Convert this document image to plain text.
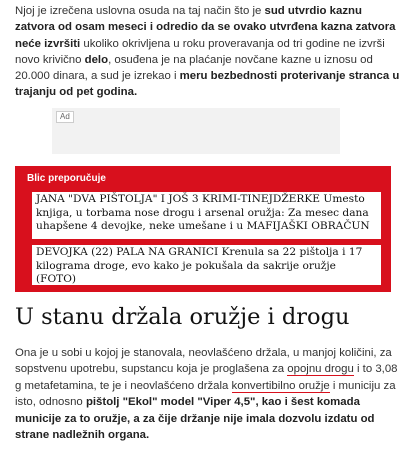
Njoj je izrečena uslovna osuda na taj način što je sud utvrdio kaznu zatvora od osam meseci i odredio da se ovako utvrđena kazna zatvora neće izvršiti ukoliko okrivljena u roku proveravanja od tri godine ne izvrši novo krivično delo, osuđena je na plaćanje novčane kazne u iznosu od 20.000 dinara, a sud je izrekao i meru bezbednosti proterivanje stranca u trajanju od pet godina.

Ad
Blic preporučuje
JANA "DVA PIŠTOLJA" I JOŠ 3 KRIMI-TINEJDŽERKE Umesto knjiga, u torbama nose drogu i arsenal oružja: Za mesec dana uhapšene 4 devojke, neke umešane i u MAFIJAŠKI OBRAČUN
DEVOJKA (22) PALA NA GRANICI Krenula sa 22 pištolja i 17 kilograma droge, evo kako je pokušala da sakrije oružje (FOTO)
U stanu držala oružje i drogu

Ona je u sobi u kojoj je stanovala, neovlašćeno držala, u manjoj količini, za sopstvenu upotrebu, supstancu koja je proglašena za opojnu drogu i to 3,08 g metafetamina, te je i neovlašćeno držala konvertibilno oružje i municiju za isto, odnosno pištolj "Ekol" model "Viper 4,5", kao i šest komada municije za to oružje, a za čije držanje nije imala dozvolu izdatu od strane nadležnih organa.
